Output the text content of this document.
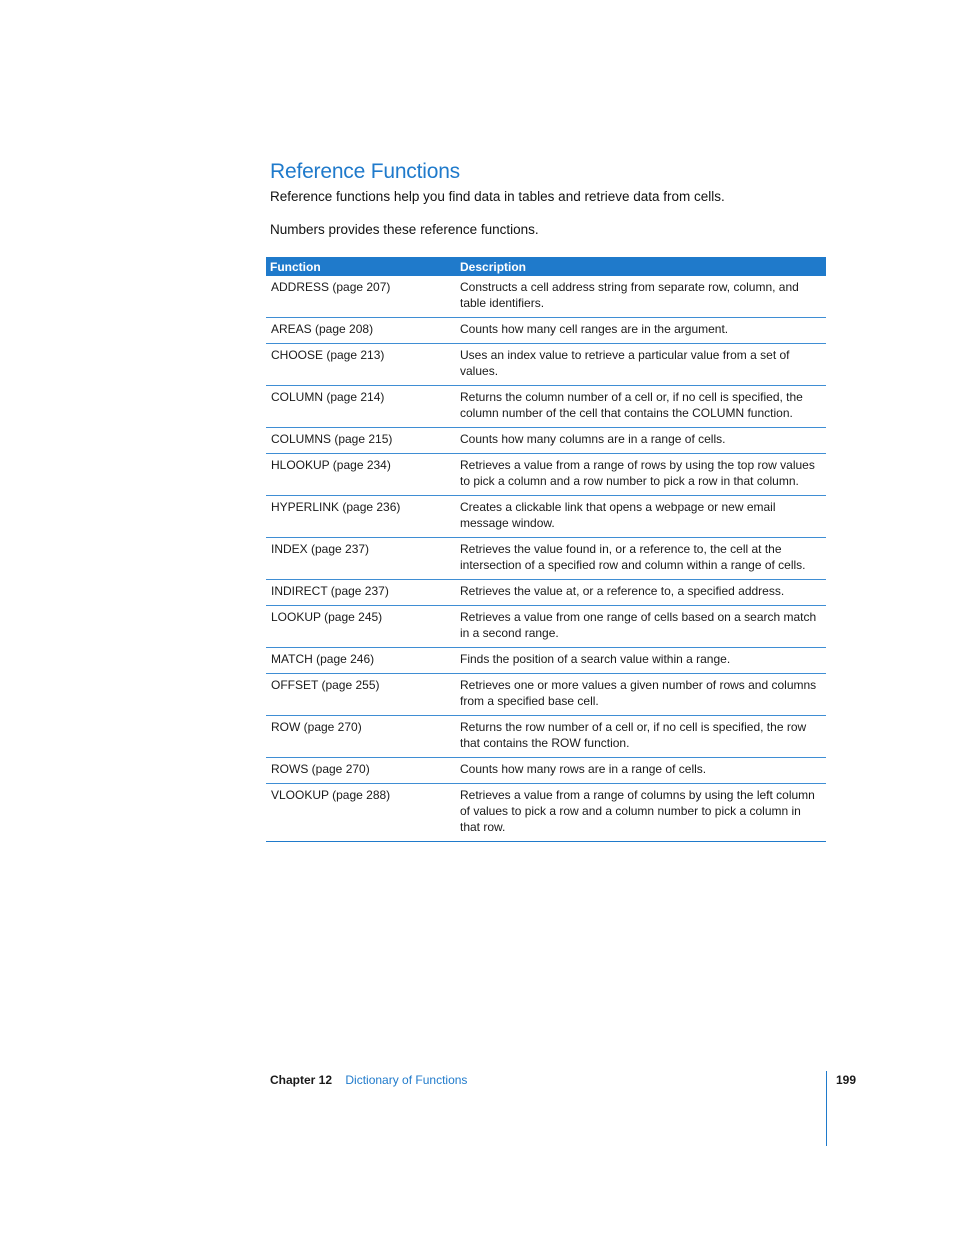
Reference Functions

Reference functions help you find data in tables and retrieve data from cells.

Numbers provides these reference functions.

Function	Description
ADDRESS (page 207)	Constructs a cell address string from separate row, column, and table identifiers.
AREAS (page 208)	Counts how many cell ranges are in the argument.
CHOOSE (page 213)	Uses an index value to retrieve a particular value from a set of values.
COLUMN (page 214)	Returns the column number of a cell or, if no cell is specified, the column number of the cell that contains the COLUMN function.
COLUMNS (page 215)	Counts how many columns are in a range of cells.
HLOOKUP (page 234)	Retrieves a value from a range of rows by using the top row values to pick a column and a row number to pick a row in that column.
HYPERLINK (page 236)	Creates a clickable link that opens a webpage or new email message window.
INDEX (page 237)	Retrieves the value found in, or a reference to, the cell at the intersection of a specified row and column within a range of cells.
INDIRECT (page 237)	Retrieves the value at, or a reference to, a specified address.
LOOKUP (page 245)	Retrieves a value from one range of cells based on a search match in a second range.
MATCH (page 246)	Finds the position of a search value within a range.
OFFSET (page 255)	Retrieves one or more values a given number of rows and columns from a specified base cell.
ROW (page 270)	Returns the row number of a cell or, if no cell is specified, the row that contains the ROW function.
ROWS (page 270)	Counts how many rows are in a range of cells.
VLOOKUP (page 288)	Retrieves a value from a range of columns by using the left column of values to pick a row and a column number to pick a column in that row.
Chapter 12 Dictionary of Functions	199
